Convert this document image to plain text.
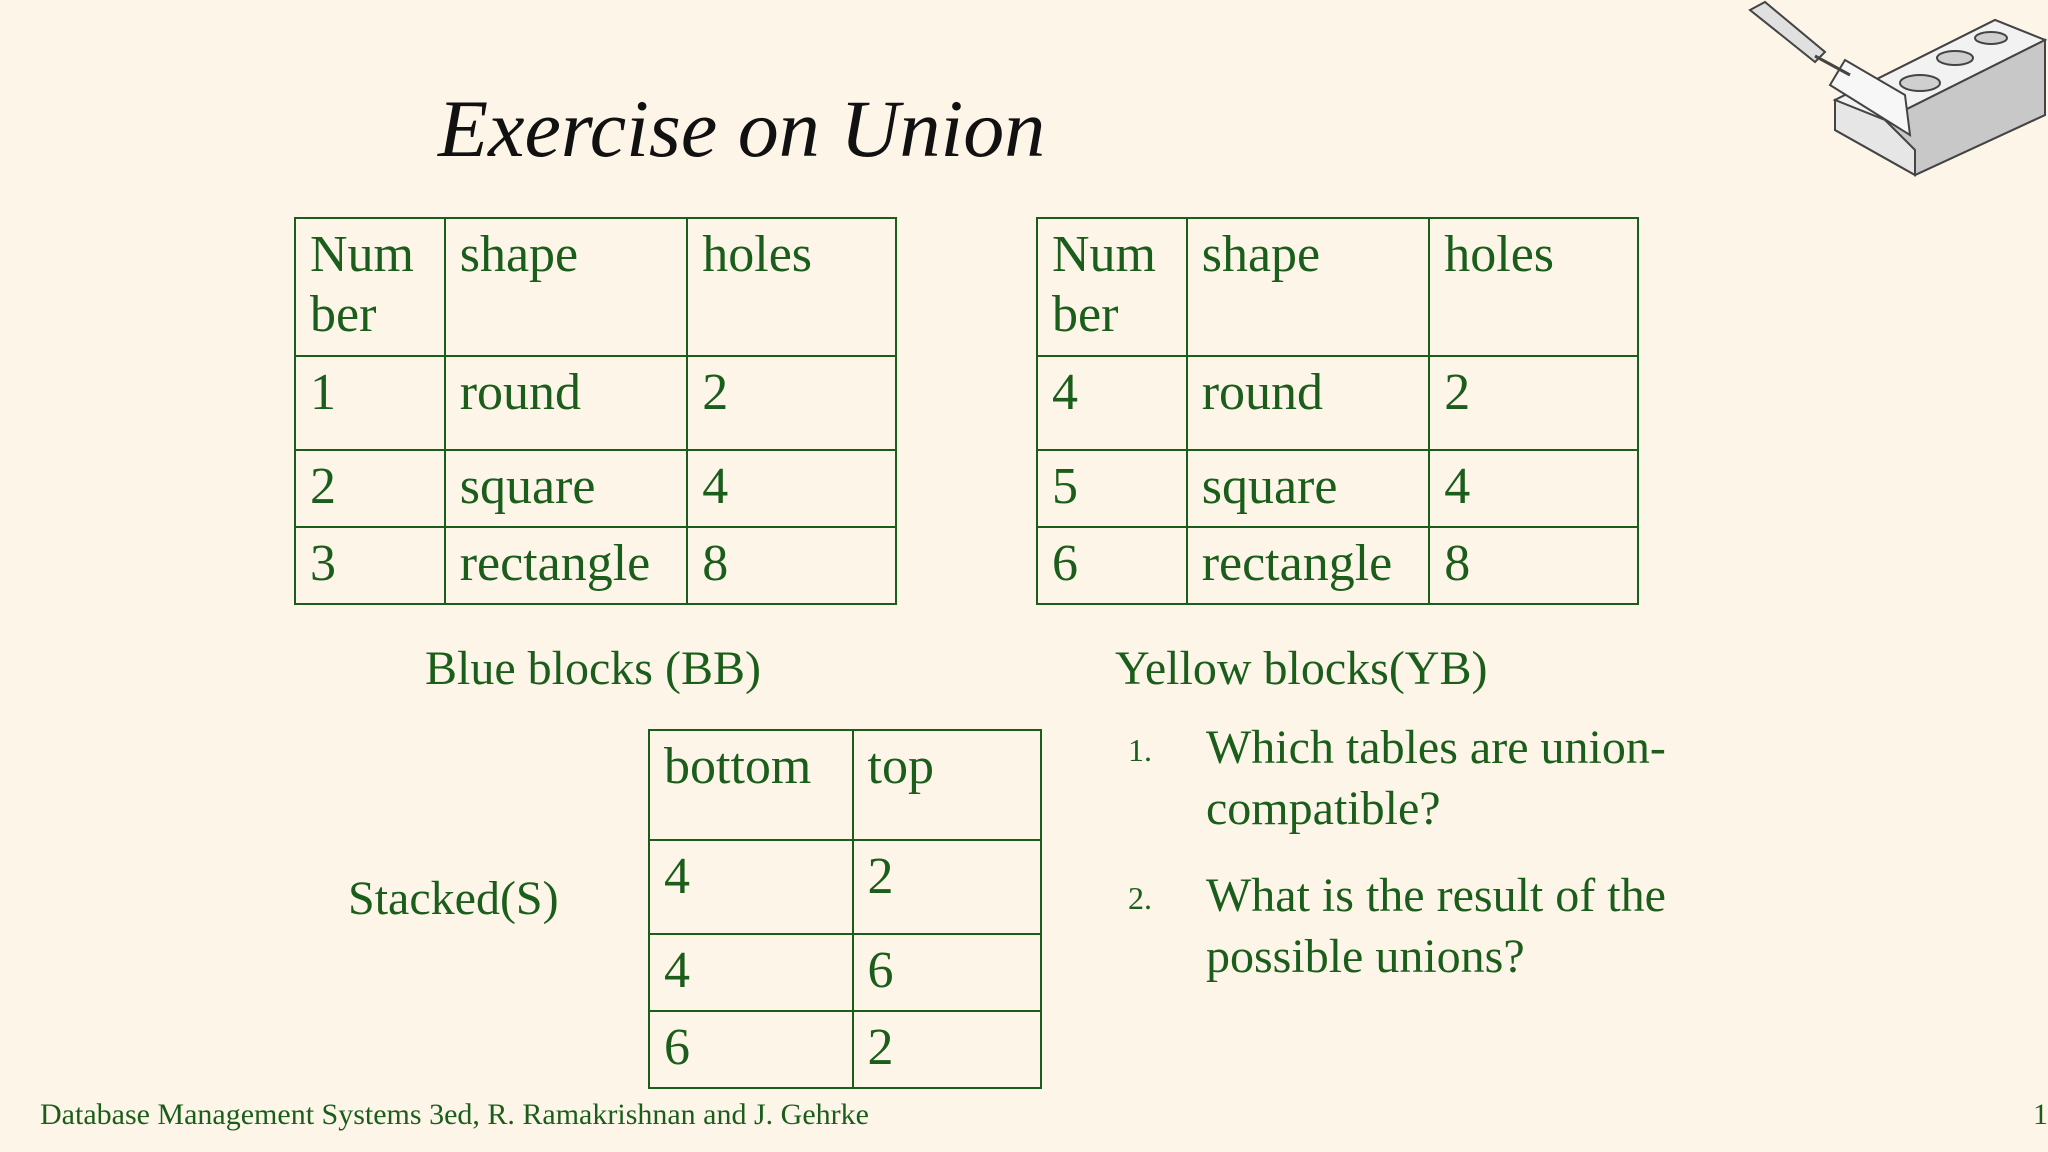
Exercise on Union
Num ber	shape	holes
1	round	2
2	square	4
3	rectangle	8
Num ber	shape	holes
4	round	2
5	square	4
6	rectangle	8
Blue blocks (BB)	Yellow blocks(YB)
Stacked(S)
bottom	top
4	2
4	6
6	2
1. Which tables are union-compatible?
2. What is the result of the possible unions?
Database Management Systems 3ed, R. Ramakrishnan and J. Gehrke	1
